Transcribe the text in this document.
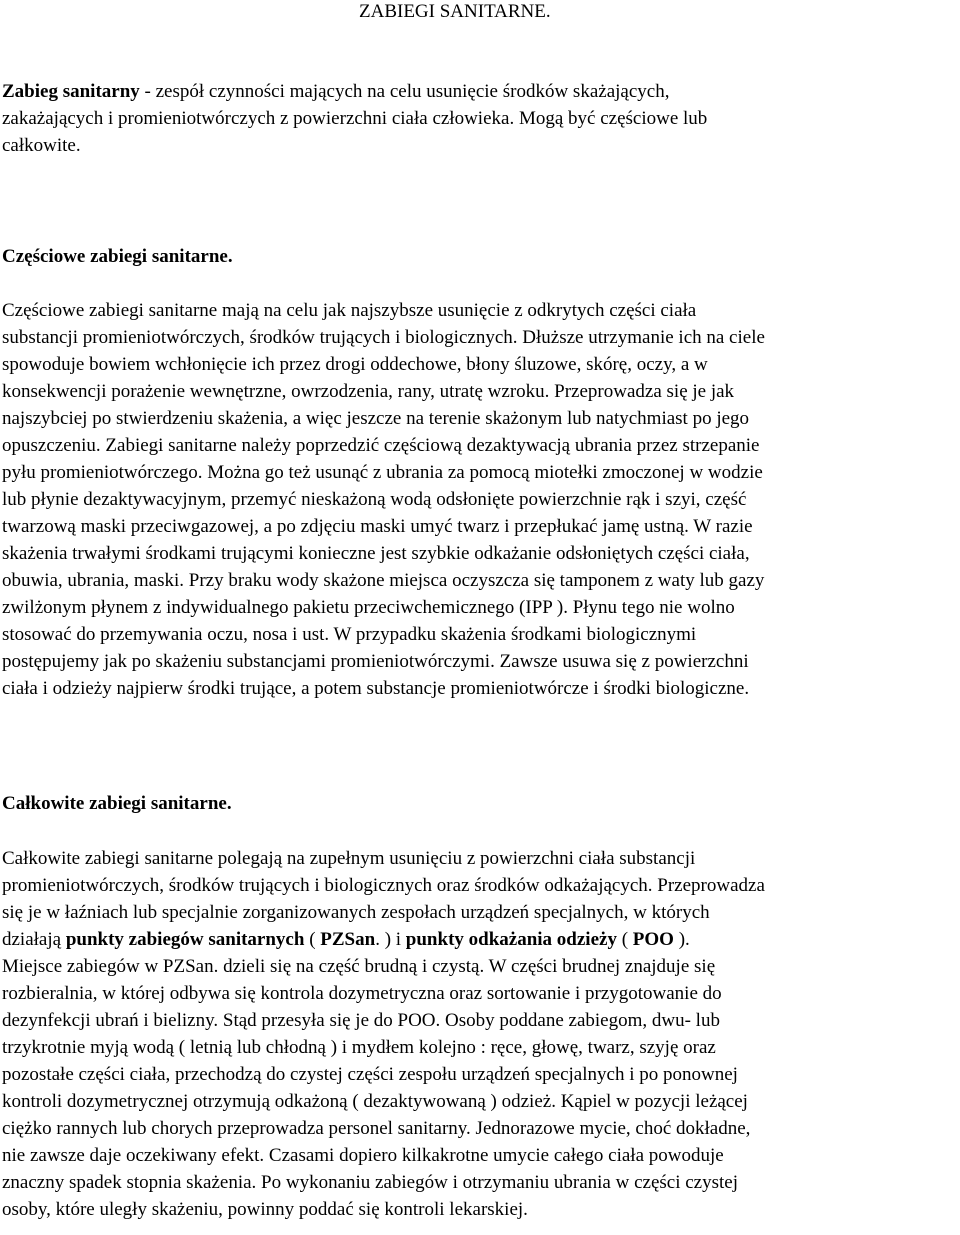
ZABIEGI SANITARNE.

Zabieg sanitarny - zespół czynności mających na celu usunięcie środków skażających,

zakażających i promieniotwórczych z powierzchni ciała człowieka. Mogą być częściowe lub

całkowite.

Częściowe zabiegi sanitarne.

Częściowe zabiegi sanitarne mają na celu jak najszybsze usunięcie z odkrytych części ciała

substancji promieniotwórczych, środków trujących i biologicznych. Dłuższe utrzymanie ich na ciele

spowoduje bowiem wchłonięcie ich przez drogi oddechowe, błony śluzowe, skórę, oczy, a w

konsekwencji porażenie wewnętrzne, owrzodzenia, rany, utratę wzroku. Przeprowadza się je jak

najszybciej po stwierdzeniu skażenia, a więc jeszcze na terenie skażonym lub natychmiast po jego

opuszczeniu. Zabiegi sanitarne należy poprzedzić częściową dezaktywacją ubrania przez strzepanie

pyłu promieniotwórczego. Można go też usunąć z ubrania za pomocą miotełki zmoczonej w wodzie

lub płynie dezaktywacyjnym, przemyć nieskażoną wodą odsłonięte powierzchnie rąk i szyi, część

twarzową maski przeciwgazowej, a po zdjęciu maski umyć twarz i przepłukać jamę ustną. W razie

skażenia trwałymi środkami trującymi konieczne jest szybkie odkażanie odsłoniętych części ciała,

obuwia, ubrania, maski. Przy braku wody skażone miejsca oczyszcza się tamponem z waty lub gazy

zwilżonym płynem z indywidualnego pakietu przeciwchemicznego (IPP ). Płynu tego nie wolno

stosować do przemywania oczu, nosa i ust. W przypadku skażenia środkami biologicznymi

postępujemy jak po skażeniu substancjami promieniotwórczymi. Zawsze usuwa się z powierzchni

ciała i odzieży najpierw środki trujące, a potem substancje promieniotwórcze i środki biologiczne.

Całkowite zabiegi sanitarne.

Całkowite zabiegi sanitarne polegają na zupełnym usunięciu z powierzchni ciała substancji

promieniotwórczych, środków trujących i biologicznych oraz środków odkażających. Przeprowadza

się je w łaźniach lub specjalnie zorganizowanych zespołach urządzeń specjalnych, w których

działają punkty zabiegów sanitarnych ( PZSan. ) i punkty odkażania odzieży ( POO ).

Miejsce zabiegów w PZSan. dzieli się na część brudną i czystą. W części brudnej znajduje się

rozbieralnia, w której odbywa się kontrola dozymetryczna oraz sortowanie i przygotowanie do

dezynfekcji ubrań i bielizny. Stąd przesyła się je do POO. Osoby poddane zabiegom, dwu- lub

trzykrotnie myją wodą ( letnią lub chłodną ) i mydłem kolejno : ręce, głowę, twarz, szyję oraz

pozostałe części ciała, przechodzą do czystej części zespołu urządzeń specjalnych i po ponownej

kontroli dozymetrycznej otrzymują odkażoną ( dezaktywowaną ) odzież. Kąpiel w pozycji leżącej

ciężko rannych lub chorych przeprowadza personel sanitarny. Jednorazowe mycie, choć dokładne,

nie zawsze daje oczekiwany efekt. Czasami dopiero kilkakrotne umycie całego ciała powoduje

znaczny spadek stopnia skażenia. Po wykonaniu zabiegów i otrzymaniu ubrania w części czystej

osoby, które uległy skażeniu, powinny poddać się kontroli lekarskiej.
